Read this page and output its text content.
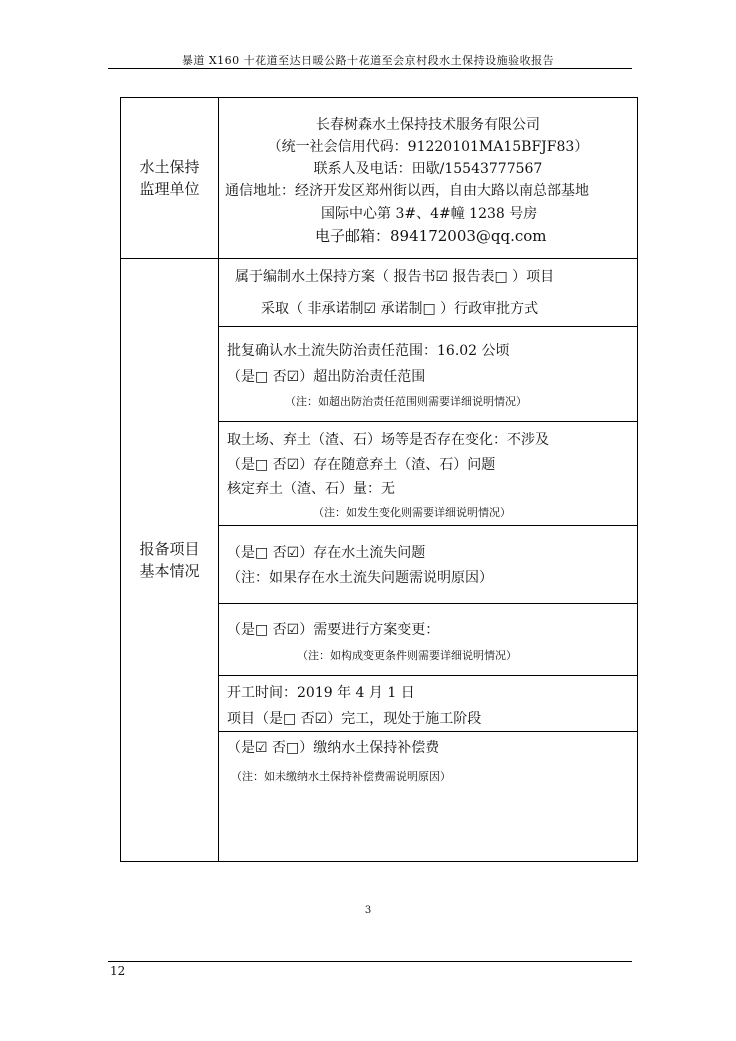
暴道 X160 十花道至达日暖公路十花道至会京村段水土保持设施验收报告
水土保持
监理单位
长春树森水土保持技术服务有限公司
（统一社会信用代码：91220101MA15BFJF83）
联系人及电话：田歇/15543777567
通信地址：经济开发区郑州街以西，自由大路以南总部基地
国际中心第 3#、4#幢 1238 号房
电子邮箱：894172003@qq.com
报备项目
基本情况
属于编制水土保持方案（ 报告书☑ 报告表□ ）项目
采取（ 非承诺制☑ 承诺制□ ）行政审批方式
批复确认水土流失防治责任范围：16.02 公顷
（是□ 否☑）超出防治责任范围
（注：如超出防治责任范围则需要详细说明情况）
取土场、弃土（渣、石）场等是否存在变化：不涉及
（是□ 否☑）存在随意弃土（渣、石）问题
核定弃土（渣、石）量：无
（注：如发生变化则需要详细说明情况）
（是□ 否☑）存在水土流失问题
（注：如果存在水土流失问题需说明原因）
（是□ 否☑）需要进行方案变更：
（注：如构成变更条件则需要详细说明情况）
开工时间：2019 年 4 月 1 日
项目（是□ 否☑）完工，现处于施工阶段
（是☑ 否□）缴纳水土保持补偿费
（注：如未缴纳水土保持补偿费需说明原因）
3
12
